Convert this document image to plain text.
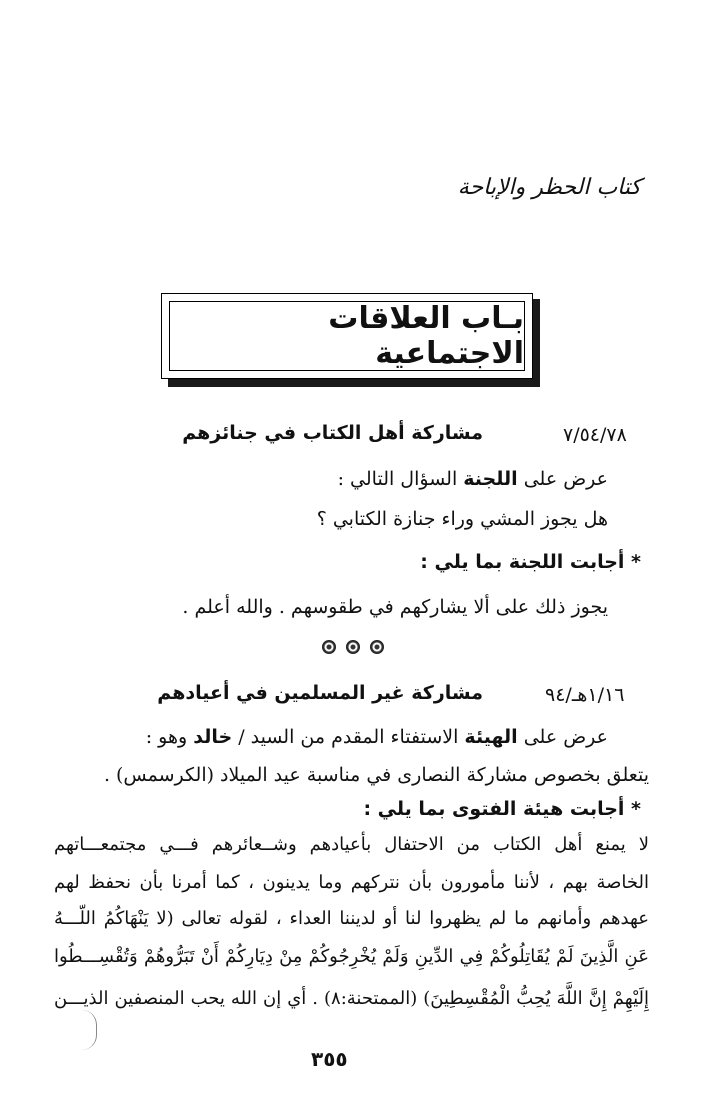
كتاب الحظر والإباحة
بـاب العلاقات الاجتماعية
٧/٥٤/٧٨
مشاركة أهل الكتاب في جنائزهم
عرض على اللجنة السؤال التالي :
هل يجوز المشي وراء جنازة الكتابي ؟
* أجابت اللجنة بما يلي :
يجوز ذلك على ألا يشاركهم في طقوسهم . والله أعلم .
١/١٦هـ/٩٤
مشاركة غير المسلمين في أعيادهم
عرض على الهيئة الاستفتاء المقدم من السيد / خالد وهو :
يتعلق بخصوص مشاركة النصارى في مناسبة عيد الميلاد (الكرسمس) .
* أجابت هيئة الفتوى بما يلي :
لا يمنع أهل الكتاب من الاحتفال بأعيادهم وشــعائرهم فـــي مجتمعـــاتهم
الخاصة بهم ، لأننا مأمورون بأن نتركهم وما يدينون ، كما أمرنا بأن نحفظ لهم
عهدهم وأمانهم ما لم يظهروا لنا أو لديننا العداء ، لقوله تعالى (لا يَنْهَاكُمُ اللّـــهُ
عَنِ الَّذِينَ لَمْ يُقَاتِلُوكُمْ فِي الدِّينِ وَلَمْ يُخْرِجُوكُمْ مِنْ دِيَارِكُمْ أَنْ تَبَرُّوهُمْ وَتُقْسِـــطُوا
إِلَيْهِمْ إِنَّ اللَّهَ يُحِبُّ الْمُقْسِطِينَ) (الممتحنة:٨) . أي إن الله يحب المنصفين الذيـــن
٣٥٥
